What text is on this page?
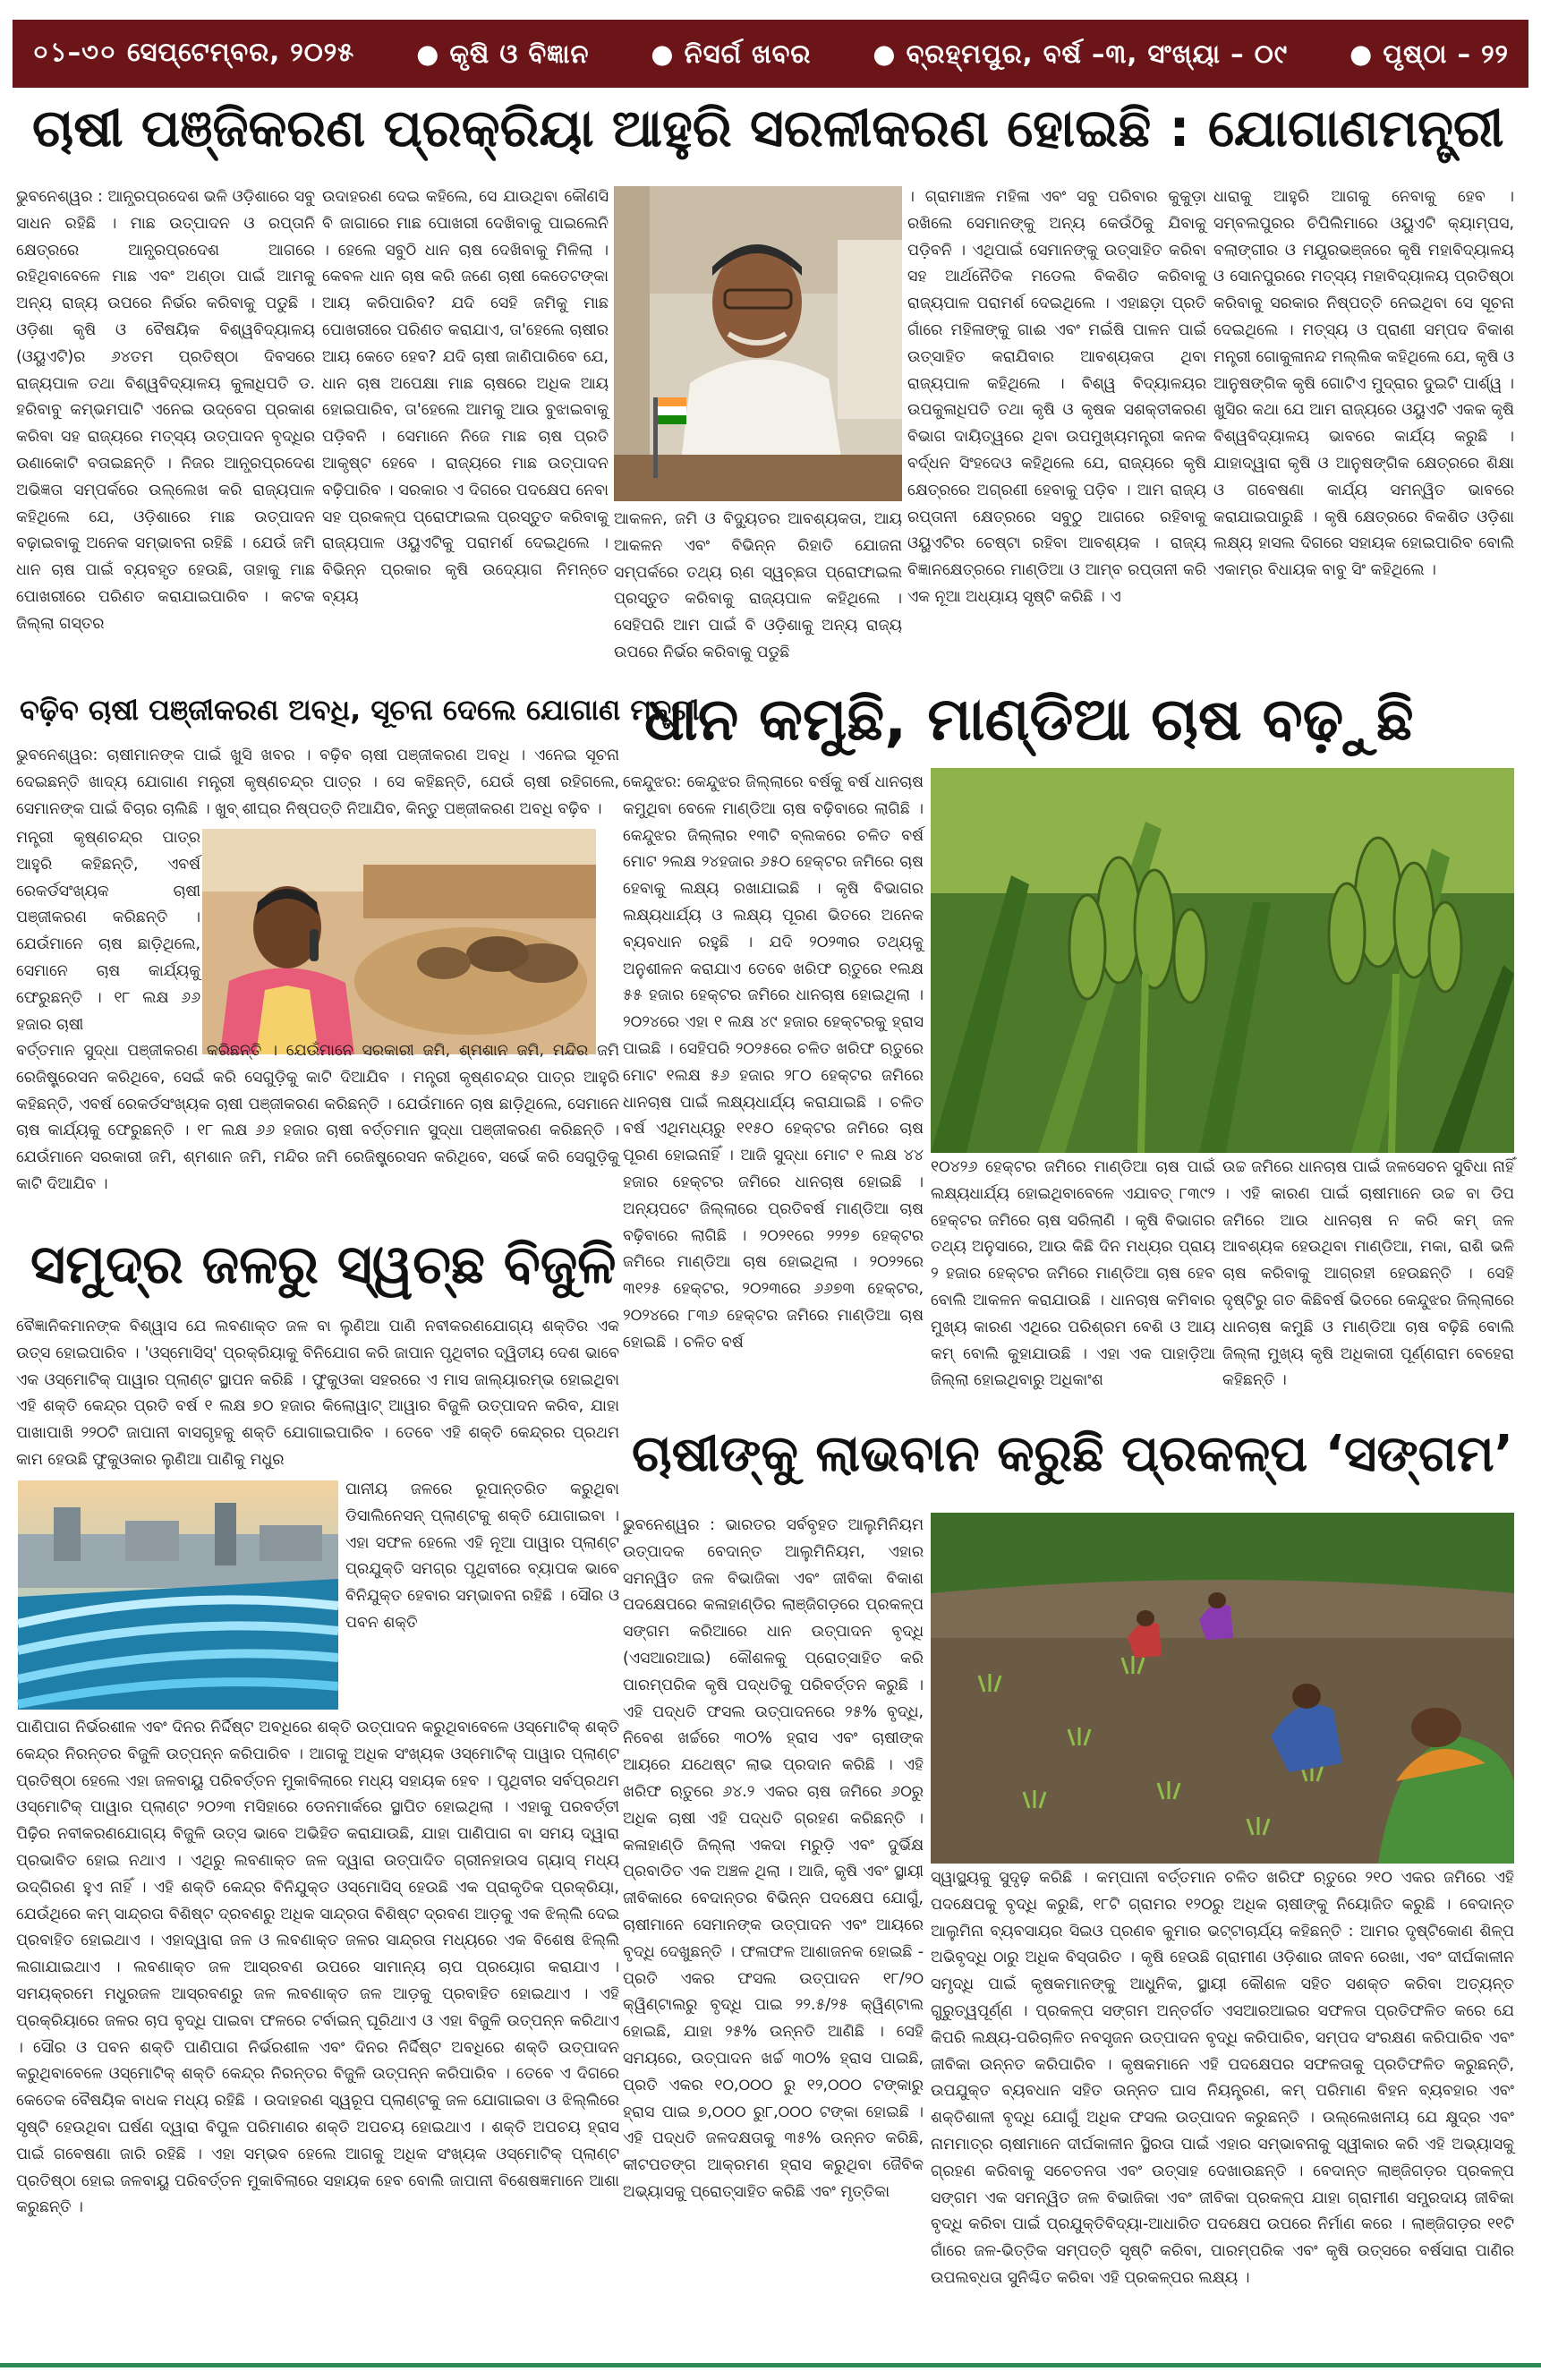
০১–৩০ ସେପ୍ଟେମ୍ବର, ୨୦୨୫ ● କୃଷି ଓ ବିଜ୍ଞାନ ● ନିସର୍ଗ ଖବର ● ବ୍ରହ୍ମପୁର, ବର୍ଷ –୩, ସଂଖ୍ୟା – ୦୯ ● ପୃଷ୍ଠା – ୨୨
ଚାଷୀ ପଞ୍ଜିକରଣ ପ୍ରକ୍ରିୟା ଆହୁରି ସରଳୀକରଣ ହୋଇଛି : ଯୋଗାଣମନ୍ତ୍ରୀ

ଭୁବନେଶ୍ୱର : ଆନ୍ଧ୍ରପ୍ରଦେଶ ଭଳି ଓଡ଼ିଶାରେ ସବୁ ସାଧନ ରହିଛି । ମାଛ ଉତ୍ପାଦନ ଓ ରପ୍ତାନି କ୍ଷେତ୍ରରେ ଆନ୍ଧ୍ରପ୍ରଦେଶ ଆଗରେ ରହିଥିବାବେଳେ ମାଛ ଏବଂ ଅଣ୍ଡା ପାଇଁ ଆମକୁ ଅନ୍ୟ ରାଜ୍ୟ ଉପରେ ନିର୍ଭର କରିବାକୁ ପଡୁଛି । ଓଡ଼ିଶା କୃଷି ଓ ବୈଷୟିକ ବିଶ୍ୱବିଦ୍ୟାଳୟ (ଓୟୁଏଟି)ର ୬୪ତମ ପ୍ରତିଷ୍ଠା ଦିବସରେ ରାଜ୍ୟପାଳ ତଥା ବିଶ୍ୱବିଦ୍ୟାଳୟ କୁଳାଧିପତି ଡ. ହରିବାବୁ କମ୍ଭମପାଟି ଏନେଇ ଉଦ୍ବେଗ ପ୍ରକାଶ କରିବା ସହ ରାଜ୍ୟରେ ମତ୍ସ୍ୟ ଉତ୍ପାଦନ ବୃଦ୍ଧିର ଉଣାକୋଟି ବତାଇଛନ୍ତି । ନିଜର ଆନ୍ଧ୍ରପ୍ରଦେଶ ଅଭିଜ୍ଞତା ସମ୍ପର୍କରେ ଉଲ୍ଲେଖ କରି ରାଜ୍ୟପାଳ କହିଥିଲେ ଯେ, ଓଡ଼ିଶାରେ ମାଛ ଉତ୍ପାଦନ ବଢ଼ାଇବାକୁ ଅନେକ ସମ୍ଭାବନା ରହିଛି । ଯେଉଁ ଜମି ଧାନ ଚାଷ ପାଇଁ ବ୍ୟବହୃତ ହେଉଛି, ତାହାକୁ ମାଛ ପୋଖରୀରେ ପରିଣତ କରାଯାଇପାରିବ । କଟକ ଜିଲ୍ଲା ଗସ୍ତର

ଉଦାହରଣ ଦେଇ କହିଲେ, ସେ ଯାଉଥିବା କୌଣସି ବି ଜାଗାରେ ମାଛ ପୋଖରୀ ଦେଖିବାକୁ ପାଇଲେନି । ହେଲେ ସବୁଠି ଧାନ ଚାଷ ଦେଖିବାକୁ ମିଳିଲା । କେବଳ ଧାନ ଚାଷ କରି ଜଣେ ଚାଷୀ କେତେଟଙ୍କା ଆୟ କରିପାରିବ? ଯଦି ସେହି ଜମିକୁ ମାଛ ପୋଖରୀରେ ପରିଣତ କରାଯାଏ, ତା'ହେଲେ ଚାଷୀର ଆୟ କେତେ ହେବ? ଯଦି ଚାଷୀ ଜାଣିପାରିବେ ଯେ, ଧାନ ଚାଷ ଅପେକ୍ଷା ମାଛ ଚାଷରେ ଅଧିକ ଆୟ ହୋଇପାରିବ, ତା'ହେଲେ ଆମକୁ ଆଉ ବୁଝାଇବାକୁ ପଡ଼ିବନି । ସେମାନେ ନିଜେ ମାଛ ଚାଷ ପ୍ରତି ଆକୃଷ୍ଟ ହେବେ । ରାଜ୍ୟରେ ମାଛ ଉତ୍ପାଦନ ବଢ଼ିପାରିବ । ସରକାର ଏ ଦିଗରେ ପଦକ୍ଷେପ ନେବା ସହ ପ୍ରକଳ୍ପ ପ୍ରୋଫାଇଲ ପ୍ରସ୍ତୁତ କରିବାକୁ ରାଜ୍ୟପାଳ ଓୟୁଏଟିକୁ ପରାମର୍ଶ ଦେଇଥିଲେ । ବିଭିନ୍ନ ପ୍ରକାର କୃଷି ଉଦ୍ୟୋଗ ନିମନ୍ତେ ବ୍ୟୟ

ଆକଳନ, ଜମି ଓ ବିଦ୍ୟୁତର ଆବଶ୍ୟକତା, ଆୟ ଆକଳନ ଏବଂ ବିଭିନ୍ନ ରିହାତି ଯୋଜନା ସମ୍ପର୍କରେ ତଥ୍ୟ ଋଣ ସ୍ୱଚ୍ଛତା ପ୍ରୋଫାଇଲ ପ୍ରସ୍ତୁତ କରିବାକୁ ରାଜ୍ୟପାଳ କହିଥିଲେ । ସେହିପରି ଆମ ପାଇଁ ବି ଓଡ଼ିଶାକୁ ଅନ୍ୟ ରାଜ୍ୟ ଉପରେ ନିର୍ଭର କରିବାକୁ ପଡୁଛି

। ଗ୍ରାମାଞ୍ଚଳ ମହିଳା ଏବଂ ସବୁ ପରିବାର କୁକୁଡ଼ା ରଖିଲେ ସେମାନଙ୍କୁ ଅନ୍ୟ କେଉଁଠିକୁ ଯିବାକୁ ପଡ଼ିବନି । ଏଥିପାଇଁ ସେମାନଙ୍କୁ ଉତ୍ସାହିତ କରିବା ସହ ଆର୍ଥନୈତିକ ମଡେଲ ବିକଶିତ କରିବାକୁ ରାଜ୍ୟପାଳ ପରାମର୍ଶ ଦେଇଥିଲେ । ଏହାଛଡ଼ା ପ୍ରତି ଗାଁରେ ମହିଳାଙ୍କୁ ଗାଈ ଏବଂ ମଇଁଷି ପାଳନ ପାଇଁ ଉତ୍ସାହିତ କରାଯିବାର ଆବଶ୍ୟକତା ଥିବା ରାଜ୍ୟପାଳ କହିଥିଲେ । ବିଶ୍ୱ ବିଦ୍ୟାଳୟର ଉପକୁଳାଧିପତି ତଥା କୃଷି ଓ କୃଷକ ସଶକ୍ତୀକରଣ ବିଭାଗ ଦାୟିତ୍ୱରେ ଥିବା ଉପମୁଖ୍ୟମନ୍ତ୍ରୀ କନକ ବର୍ଦ୍ଧନ ସିଂହଦେଓ କହିଥିଲେ ଯେ, ରାଜ୍ୟରେ କୃଷି କ୍ଷେତ୍ରରେ ଅଗ୍ରଣୀ ହେବାକୁ ପଡ଼ିବ । ଆମ ରାଜ୍ୟ ରପ୍ତାନୀ କ୍ଷେତ୍ରରେ ସବୁଠୁ ଆଗରେ ରହିବାକୁ ଓୟୁଏଟିର ଚେଷ୍ଟା ରହିବା ଆବଶ୍ୟକ । ରାଜ୍ୟ ବିଜ୍ଞାନକ୍ଷେତ୍ରରେ ମାଣ୍ଡିଆ ଓ ଆମ୍ବ ରପ୍ତାନୀ କରି ଏକ ନୂଆ ଅଧ୍ୟାୟ ସୃଷ୍ଟି କରିଛି । ଏ

ଧାରାକୁ ଆହୁରି ଆଗକୁ ନେବାକୁ ହେବ । ସମ୍ବଲପୁରର ଚିପିଲିମାରେ ଓୟୁଏଟି କ୍ୟାମ୍ପସ, ବଲାଙ୍ଗୀର ଓ ମୟୂରଭଞ୍ଜରେ କୃଷି ମହାବିଦ୍ୟାଳୟ ଓ ସୋନପୁରରେ ମତ୍ସ୍ୟ ମହାବିଦ୍ୟାଳୟ ପ୍ରତିଷ୍ଠା କରିବାକୁ ସରକାର ନିଷ୍ପତ୍ତି ନେଇଥିବା ସେ ସୂଚନା ଦେଇଥିଲେ । ମତ୍ସ୍ୟ ଓ ପ୍ରାଣୀ ସମ୍ପଦ ବିକାଶ ମନ୍ତ୍ରୀ ଗୋକୁଳାନନ୍ଦ ମଲ୍ଲିକ କହିଥିଲେ ଯେ, କୃଷି ଓ ଆନୁଷଙ୍ଗିକ କୃଷି ଗୋଟିଏ ମୁଦ୍ରାର ଦୁଇଟି ପାର୍ଶ୍ୱ । ଖୁସିର କଥା ଯେ ଆମ ରାଜ୍ୟରେ ଓୟୁଏଟି ଏକକ କୃଷି ବିଶ୍ୱବିଦ୍ୟାଳୟ ଭାବରେ କାର୍ଯ୍ୟ କରୁଛି । ଯାହାଦ୍ୱାରା କୃଷି ଓ ଆନୁଷଙ୍ଗିକ କ୍ଷେତ୍ରରେ ଶିକ୍ଷା ଓ ଗବେଷଣା କାର୍ଯ୍ୟ ସମନ୍ୱିତ ଭାବରେ କରାଯାଇପାରୁଛି । କୃଷି କ୍ଷେତ୍ରରେ ବିକଶିତ ଓଡ଼ିଶା ଲକ୍ଷ୍ୟ ହାସଲ ଦିଗରେ ସହାୟକ ହୋଇପାରିବ ବୋଲି ଏକାମ୍ର ବିଧାୟକ ବାବୁ ସିଂ କହିଥିଲେ ।

ବଢ଼ିବ ଚାଷୀ ପଞ୍ଜୀକରଣ ଅବଧି, ସୂଚନା ଦେଲେ ଯୋଗାଣ ମନ୍ତ୍ରୀ

ଭୁବନେଶ୍ୱର: ଚାଷୀମାନଙ୍କ ପାଇଁ ଖୁସି ଖବର । ବଢ଼ିବ ଚାଷୀ ପଞ୍ଜୀକରଣ ଅବଧି । ଏନେଇ ସୂଚନା ଦେଇଛନ୍ତି ଖାଦ୍ୟ ଯୋଗାଣ ମନ୍ତ୍ରୀ କୃଷ୍ଣଚନ୍ଦ୍ର ପାତ୍ର । ସେ କହିଛନ୍ତି, ଯେଉଁ ଚାଷୀ ରହିଗଲେ, ସେମାନଙ୍କ ପାଇଁ ବିଚାର ଚାଲିଛି । ଖୁବ୍ ଶୀଘ୍ର ନିଷ୍ପତ୍ତି ନିଆଯିବ, କିନ୍ତୁ ପଞ୍ଜୀକରଣ ଅବଧି ବଢ଼ିବ ।

ମନ୍ତ୍ରୀ କୃଷ୍ଣଚନ୍ଦ୍ର ପାତ୍ର ଆହୁରି କହିଛନ୍ତି, ଏବର୍ଷ ରେକର୍ଡସଂଖ୍ୟକ ଚାଷୀ ପଞ୍ଜୀକରଣ କରିଛନ୍ତି । ଯେଉଁମାନେ ଚାଷ ଛାଡ଼ିଥିଲେ, ସେମାନେ ଚାଷ କାର୍ଯ୍ୟକୁ ଫେରୁଛନ୍ତି । ୧୮ ଲକ୍ଷ ୬୬ ହଜାର ଚାଷୀ

ବର୍ତ୍ତମାନ ସୁଦ୍ଧା ପଞ୍ଜୀକରଣ କରିଛନ୍ତି । ଯେଉଁମାନେ ସରକାରୀ ଜମି, ଶ୍ମଶାନ ଜମି, ମନ୍ଦିର ଜମି ରେଜିଷ୍ଟ୍ରେସନ କରିଥିବେ, ସେଇଁ କରି ସେଗୁଡ଼ିକୁ କାଟି ଦିଆଯିବ । ମନ୍ତ୍ରୀ କୃଷ୍ଣଚନ୍ଦ୍ର ପାତ୍ର ଆହୁରି କହିଛନ୍ତି, ଏବର୍ଷ ରେକର୍ଡସଂଖ୍ୟକ ଚାଷୀ ପଞ୍ଜୀକରଣ କରିଛନ୍ତି । ଯେଉଁମାନେ ଚାଷ ଛାଡ଼ିଥିଲେ, ସେମାନେ ଚାଷ କାର୍ଯ୍ୟକୁ ଫେରୁଛନ୍ତି । ୧୮ ଲକ୍ଷ ୬୬ ହଜାର ଚାଷୀ ବର୍ତ୍ତମାନ ସୁଦ୍ଧା ପଞ୍ଜୀକରଣ କରିଛନ୍ତି । ଯେଉଁମାନେ ସରକାରୀ ଜମି, ଶ୍ମଶାନ ଜମି, ମନ୍ଦିର ଜମି ରେଜିଷ୍ଟ୍ରେସନ କରିଥିବେ, ସର୍ଭେ କରି ସେଗୁଡ଼ିକୁ କାଟି ଦିଆଯିବ ।

ସମୁଦ୍ର ଜଳରୁ ସ୍ୱଚ୍ଛ ବିଜୁଳି

ବୈଜ୍ଞାନିକମାନଙ୍କ ବିଶ୍ୱାସ ଯେ ଲବଣାକ୍ତ ଜଳ ବା ଲୁଣିଆ ପାଣି ନବୀକରଣଯୋଗ୍ୟ ଶକ୍ତିର ଏକ ଉତ୍ସ ହୋଇପାରିବ । 'ଓସ୍ମୋସିସ୍' ପ୍ରକ୍ରିୟାକୁ ବିନିଯୋଗ କରି ଜାପାନ ପୃଥିବୀର ଦ୍ୱିତୀୟ ଦେଶ ଭାବେ ଏକ ଓସ୍ମୋଟିକ୍ ପାୱାର ପ୍ଲାଣ୍ଟ ସ୍ଥାପନ କରିଛି । ଫୁକୁଓକା ସହରରେ ଏ ମାସ ଜାଲ୍ୟାରମ୍ଭ ହୋଇଥିବା ଏହି ଶକ୍ତି କେନ୍ଦ୍ର ପ୍ରତି ବର୍ଷ ୧ ଲକ୍ଷ ୭୦ ହଜାର କିଲୋୱାଟ୍ ଆୱାର ବିଜୁଳି ଉତ୍ପାଦନ କରିବ, ଯାହା ପାଖାପାଖି ୨୨୦ଟି ଜାପାନୀ ବାସଗୃହକୁ ଶକ୍ତି ଯୋଗାଇପାରିବ । ତେବେ ଏହି ଶକ୍ତି କେନ୍ଦ୍ରର ପ୍ରଥମ କାମ ହେଉଛି ଫୁକୁଓକାର ଲୁଣିଆ ପାଣିକୁ ମଧୁର

ପାନୀୟ ଜଳରେ ରୂପାନ୍ତରିତ କରୁଥିବା ଡିସାଲିନେସନ୍ ପ୍ଲାଣ୍ଟକୁ ଶକ୍ତି ଯୋଗାଇବା । ଏହା ସଫଳ ହେଲେ ଏହି ନୂଆ ପାୱାର ପ୍ଲାଣ୍ଟ ପ୍ରଯୁକ୍ତି ସମଗ୍ର ପୃଥିବୀରେ ବ୍ୟାପକ ଭାବେ ବିନିଯୁକ୍ତ ହେବାର ସମ୍ଭାବନା ରହିଛି । ସୌର ଓ ପବନ ଶକ୍ତି

ପାଣିପାଗ ନିର୍ଭରଶୀଳ ଏବଂ ଦିନର ନିର୍ଦ୍ଦିଷ୍ଟ ଅବଧିରେ ଶକ୍ତି ଉତ୍ପାଦନ କରୁଥିବାବେଳେ ଓସ୍ମୋଟିକ୍ ଶକ୍ତି କେନ୍ଦ୍ର ନିରନ୍ତର ବିଜୁଳି ଉତ୍ପନ୍ନ କରିପାରିବ । ଆଗକୁ ଅଧିକ ସଂଖ୍ୟକ ଓସ୍ମୋଟିକ୍ ପାୱାର ପ୍ଲାଣ୍ଟ ପ୍ରତିଷ୍ଠା ହେଲେ ଏହା ଜଳବାୟୁ ପରିବର୍ତ୍ତନ ମୁକାବିଲାରେ ମଧ୍ୟ ସହାୟକ ହେବ । ପୃଥିବୀର ସର୍ବପ୍ରଥମ ଓସ୍ମୋଟିକ୍ ପାୱାର ପ୍ଲାଣ୍ଟ ୨୦୨୩ ମସିହାରେ ଡେନମାର୍କରେ ସ୍ଥାପିତ ହୋଇଥିଲା । ଏହାକୁ ପରବର୍ତ୍ତୀ ପିଢ଼ିର ନବୀକରଣଯୋଗ୍ୟ ବିଜୁଳି ଉତ୍ସ ଭାବେ ଅଭିହିତ କରାଯାଉଛି, ଯାହା ପାଣିପାଗ ବା ସମୟ ଦ୍ୱାରା ପ୍ରଭାବିତ ହୋଇ ନଥାଏ । ଏଥିରୁ ଲବଣାକ୍ତ ଜଳ ଦ୍ୱାରା ଉତ୍ପାଦିତ ଗ୍ରୀନହାଉସ ଗ୍ୟାସ୍ ମଧ୍ୟ ଉଦ୍‌ଗିରଣ ହୁଏ ନାହିଁ । ଏହି ଶକ୍ତି କେନ୍ଦ୍ର ବିନିଯୁକ୍ତ ଓସ୍ମୋସିସ୍ ହେଉଛି ଏକ ପ୍ରାକୃତିକ ପ୍ରକ୍ରିୟା, ଯେଉଁଥିରେ କମ୍ ସାନ୍ଦ୍ରତା ବିଶିଷ୍ଟ ଦ୍ରବଣରୁ ଅଧିକ ସାନ୍ଦ୍ରତା ବିଶିଷ୍ଟ ଦ୍ରବଣ ଆଡ଼କୁ ଏକ ଝିଲ୍ଲି ଦେଇ ପ୍ରବାହିତ ହୋଇଥାଏ । ଏହାଦ୍ୱାରା ଜଳ ଓ ଲବଣାକ୍ତ ଜଳର ସାନ୍ଦ୍ରତା ମଧ୍ୟରେ ଏକ ବିଶେଷ ଝିଲ୍ଲି ଲଗାଯାଇଥାଏ । ଲବଣାକ୍ତ ଜଳ ଆସ୍ରବଣ ଉପରେ ସାମାନ୍ୟ ଚାପ ପ୍ରୟୋଗ କରାଯାଏ । ସମୟକ୍ରମେ ମଧୁରଜଳ ଆସ୍ରବଣରୁ ଜଳ ଲବଣାକ୍ତ ଜଳ ଆଡ଼କୁ ପ୍ରବାହିତ ହୋଇଥାଏ । ଏହି ପ୍ରକ୍ରିୟାରେ ଜଳର ଚାପ ବୃଦ୍ଧି ପାଇବା ଫଳରେ ଟର୍ବାଇନ୍ ଘୂରିଥାଏ ଓ ଏହା ବିଜୁଳି ଉତ୍ପନ୍ନ କରିଥାଏ । ସୌର ଓ ପବନ ଶକ୍ତି ପାଣିପାଗ ନିର୍ଭରଶୀଳ ଏବଂ ଦିନର ନିର୍ଦ୍ଦିଷ୍ଟ ଅବଧିରେ ଶକ୍ତି ଉତ୍ପାଦନ କରୁଥିବାବେଳେ ଓସ୍ମୋଟିକ୍ ଶକ୍ତି କେନ୍ଦ୍ର ନିରନ୍ତର ବିଜୁଳି ଉତ୍ପନ୍ନ କରିପାରିବ । ତେବେ ଏ ଦିଗରେ କେତେକ ବୈଷୟିକ ବାଧକ ମଧ୍ୟ ରହିଛି । ଉଦାହରଣ ସ୍ୱରୂପ ପ୍ଲାଣ୍ଟକୁ ଜଳ ଯୋଗାଇବା ଓ ଝିଲ୍ଲିରେ ସୃଷ୍ଟି ହେଉଥିବା ଘର୍ଷଣ ଦ୍ୱାରା ବିପୁଳ ପରିମାଣର ଶକ୍ତି ଅପଚୟ ହୋଇଥାଏ । ଶକ୍ତି ଅପଚୟ ହ୍ରାସ ପାଇଁ ଗବେଷଣା ଜାରି ରହିଛି । ଏହା ସମ୍ଭବ ହେଲେ ଆଗକୁ ଅଧିକ ସଂଖ୍ୟକ ଓସ୍ମୋଟିକ୍ ପ୍ଲାଣ୍ଟ ପ୍ରତିଷ୍ଠା ହୋଇ ଜଳବାୟୁ ପରିବର୍ତ୍ତନ ମୁକାବିଲାରେ ସହାୟକ ହେବ ବୋଲି ଜାପାନୀ ବିଶେଷଜ୍ଞମାନେ ଆଶା କରୁଛନ୍ତି ।

ଧାନ କମୁଛି, ମାଣ୍ଡିଆ ଚାଷ ବଢ଼ୁଛି

କେନ୍ଦୁଝର: କେନ୍ଦୁଝର ଜିଲ୍ଲାରେ ବର୍ଷକୁ ବର୍ଷ ଧାନଚାଷ କମୁଥିବା ବେଳେ ମାଣ୍ଡିଆ ଚାଷ ବଢ଼ିବାରେ ଲାଗିଛି । କେନ୍ଦୁଝର ଜିଲ୍ଲାର ୧୩ଟି ବ୍ଲକରେ ଚଳିତ ବର୍ଷ ମୋଟ ୨ଲକ୍ଷ ୨୪ହଜାର ୬୫୦ ହେକ୍ଟର ଜମିରେ ଚାଷ ହେବାକୁ ଲକ୍ଷ୍ୟ ରଖାଯାଇଛି । କୃଷି ବିଭାଗର ଲକ୍ଷ୍ୟଧାର୍ଯ୍ୟ ଓ ଲକ୍ଷ୍ୟ ପୂରଣ ଭିତରେ ଅନେକ ବ୍ୟବଧାନ ରହୁଛି । ଯଦି ୨୦୨୩ର ତଥ୍ୟକୁ ଅନୁଶୀଳନ କରାଯାଏ ତେବେ ଖରିଫ ଋତୁରେ ୧ଲକ୍ଷ ୫୫ ହଜାର ହେକ୍ଟର ଜମିରେ ଧାନଚାଷ ହୋଇଥିଲା । ୨୦୨୪ରେ ଏହା ୧ ଲକ୍ଷ ୪୯ ହଜାର ହେକ୍ଟରକୁ ହ୍ରାସ ପାଇଛି । ସେହିପରି ୨୦୨୫ରେ ଚଳିତ ଖରିଫ ଋତୁରେ ମୋଟ ୧ଲକ୍ଷ ୫୬ ହଜାର ୨୮୦ ହେକ୍ଟର ଜମିରେ ଧାନଚାଷ ପାଇଁ ଲକ୍ଷ୍ୟଧାର୍ଯ୍ୟ କରାଯାଇଛି । ଚଳିତ ବର୍ଷ ଏଥିମଧ୍ୟରୁ ୧୧୫୦ ହେକ୍ଟର ଜମିରେ ଚାଷ ପୂରଣ ହୋଇନାହିଁ । ଆଜି ସୁଦ୍ଧା ମୋଟ ୧ ଲକ୍ଷ ୪୪ ହଜାର ହେକ୍ଟର ଜମିରେ ଧାନଚାଷ ହୋଇଛି । ଅନ୍ୟପଟେ ଜିଲ୍ଲାରେ ପ୍ରତିବର୍ଷ ମାଣ୍ଡିଆ ଚାଷ ବଢ଼ିବାରେ ଲାଗିଛି । ୨୦୨୧ରେ ୨୨୨୭ ହେକ୍ଟର ଜମିରେ ମାଣ୍ଡିଆ ଚାଷ ହୋଇଥିଲା । ୨୦୨୨ରେ ୩୧୨୫ ହେକ୍ଟର, ୨୦୨୩ରେ ୬୬୭୩ ହେକ୍ଟର, ୨୦୨୪ରେ ୮୩୬ ହେକ୍ଟର ଜମିରେ ମାଣ୍ଡିଆ ଚାଷ ହୋଇଛି । ଚଳିତ ବର୍ଷ

୧୦୪୨୬ ହେକ୍ଟର ଜମିରେ ମାଣ୍ଡିଆ ଚାଷ ପାଇଁ ଲକ୍ଷ୍ୟଧାର୍ଯ୍ୟ ହୋଇଥିବାବେଳେ ଏଯାବତ୍ ୮୩୯୨ ହେକ୍ଟର ଜମିରେ ଚାଷ ସରିଲାଣି । କୃଷି ବିଭାଗର ତଥ୍ୟ ଅନୁସାରେ, ଆଉ କିଛି ଦିନ ମଧ୍ୟର ପ୍ରାୟ ୨ ହଜାର ହେକ୍ଟର ଜମିରେ ମାଣ୍ଡିଆ ଚାଷ ହେବ ବୋଲି ଆକଳନ କରାଯାଉଛି । ଧାନଚାଷ କମିବାର ମୁଖ୍ୟ କାରଣ ଏଥିରେ ପରିଶ୍ରମ ବେଶି ଓ ଆୟ କମ୍ ବୋଲି କୁହାଯାଉଛି । ଏହା ଏକ ପାହାଡ଼ିଆ ଜିଲ୍ଲା ହୋଇଥିବାରୁ ଅଧିକାଂଶ

ଉଚ୍ଚ ଜମିରେ ଧାନଚାଷ ପାଇଁ ଜଳସେଚନ ସୁବିଧା ନାହିଁ । ଏହି କାରଣ ପାଇଁ ଚାଷୀମାନେ ଉଚ୍ଚ ବା ଡିପ ଜମିରେ ଆଉ ଧାନଚାଷ ନ କରି କମ୍ ଜଳ ଆବଶ୍ୟକ ହେଉଥିବା ମାଣ୍ଡିଆ, ମକା, ରାଶି ଭଳି ଚାଷ କରିବାକୁ ଆଗ୍ରହୀ ହେଉଛନ୍ତି । ସେହି ଦୃଷ୍ଟିରୁ ଗତ କିଛିବର୍ଷ ଭିତରେ କେନ୍ଦୁଝର ଜିଲ୍ଲାରେ ଧାନଚାଷ କମୁଛି ଓ ମାଣ୍ଡିଆ ଚାଷ ବଢ଼ିଛି ବୋଲି ଜିଲ୍ଲା ମୁଖ୍ୟ କୃଷି ଅଧିକାରୀ ପୂର୍ଣ୍ଣରାମ ବେହେରା କହିଛନ୍ତି ।

ଚାଷୀଙ୍କୁ ଲାଭବାନ କରୁଛି ପ୍ରକଳ୍ପ ‘ସଙ୍ଗମ’

ଭୁବନେଶ୍ୱର : ଭାରତର ସର୍ବବୃହତ ଆଲୁମିନିୟମ ଉତ୍ପାଦକ ବେଦାନ୍ତ ଆଲୁମିନିୟମ, ଏହାର ସମନ୍ୱିତ ଜଳ ବିଭାଜିକା ଏବଂ ଜୀବିକା ବିକାଶ ପଦକ୍ଷେପରେ କଳାହାଣ୍ଡିର ଲାଞ୍ଜିଗଡ଼ରେ ପ୍ରକଳ୍ପ ସଙ୍ଗମ କରିଆରେ ଧାନ ଉତ୍ପାଦନ ବୃଦ୍ଧି (ଏସଆରଆଇ) କୌଶଳକୁ ପ୍ରୋତ୍ସାହିତ କରି ପାରମ୍ପରିକ କୃଷି ପଦ୍ଧତିକୁ ପରିବର୍ତ୍ତନ କରୁଛି । ଏହି ପଦ୍ଧତି ଫସଲ ଉତ୍ପାଦନରେ ୨୫% ବୃଦ୍ଧି, ନିବେଶ ଖର୍ଚ୍ଚରେ ୩୦% ହ୍ରାସ ଏବଂ ଚାଷୀଙ୍କ ଆୟରେ ଯଥେଷ୍ଟ ଲାଭ ପ୍ରଦାନ କରିଛି । ଏହି ଖରିଫ ଋତୁରେ ୬୪.୨ ଏକର ଚାଷ ଜମିରେ ୬୦ରୁ ଅଧିକ ଚାଷୀ ଏହି ପଦ୍ଧତି ଗ୍ରହଣ କରିଛନ୍ତି । କଳାହାଣ୍ଡି ଜିଲ୍ଲା ଏକଦା ମରୁଡ଼ି ଏବଂ ଦୁର୍ଭିକ୍ଷ ପ୍ରବାଡିତ ଏକ ଅଞ୍ଚଳ ଥିଲା । ଆଜି, କୃଷି ଏବଂ ସ୍ଥାୟୀ ଜୀବିକାରେ ବେଦାନ୍ତର ବିଭିନ୍ନ ପଦକ୍ଷେପ ଯୋଗୁଁ, ଚାଷୀମାନେ ସେମାନଙ୍କ ଉତ୍ପାଦନ ଏବଂ ଆୟରେ ବୃଦ୍ଧି ଦେଖୁଛନ୍ତି । ଫଳାଫଳ ଆଶାଜନକ ହୋଇଛି - ପ୍ରତି ଏକର ଫସଲ ଉତ୍ପାଦନ ୧୮/୨୦ କ୍ୱିଣ୍ଟାଲରୁ ବୃଦ୍ଧି ପାଇ ୨୨.୫/୨୫ କ୍ୱିଣ୍ଟାଲ ହୋଇଛି, ଯାହା ୨୫% ଉନ୍ନତି ଆଣିଛି । ସେହି ସମୟରେ, ଉତ୍ପାଦନ ଖର୍ଚ୍ଚ ୩୦% ହ୍ରାସ ପାଇଛି, ପ୍ରତି ଏକର ୧୦,୦୦୦ ରୁ ୧୨,୦୦୦ ଟଙ୍କାରୁ ହ୍ରାସ ପାଇ ୭,୦୦୦ ରୁ୮,୦୦୦ ଟଙ୍କା ହୋଇଛି । ଏହି ପଦ୍ଧତି ଜଳଦକ୍ଷତାକୁ ୩୫% ଉନ୍ନତ କରିଛି, କୀଟପତଙ୍ଗ ଆକ୍ରମଣ ହ୍ରାସ କରୁଥିବା ଜୈବିକ ଅଭ୍ୟାସକୁ ପ୍ରୋତ୍ସାହିତ କରିଛି ଏବଂ ମୃତ୍ତିକା

ସ୍ୱାସ୍ଥ୍ୟକୁ ସୁଦୃଢ଼ କରିଛି । କମ୍ପାନୀ ବର୍ତ୍ତମାନ ଚଳିତ ଖରିଫ ଋତୁରେ ୨୧୦ ଏକର ଜମିରେ ଏହି ପଦକ୍ଷେପକୁ ବୃଦ୍ଧି କରୁଛି, ୧୮ଟି ଗ୍ରାମର ୧୨୦ରୁ ଅଧିକ ଚାଷୀଙ୍କୁ ନିୟୋଜିତ କରୁଛି । ବେଦାନ୍ତ ଆଲୁମିନା ବ୍ୟବସାୟର ସିଇଓ ପ୍ରଣବ କୁମାର ଭଟ୍ଟାଚାର୍ଯ୍ୟ କହିଛନ୍ତି : ଆମର ଦୃଷ୍ଟିକୋଣ ଶିଳ୍ପ ଅଭିବୃଦ୍ଧି ଠାରୁ ଅଧିକ ବିସ୍ତାରିତ । କୃଷି ହେଉଛି ଗ୍ରାମୀଣ ଓଡ଼ିଶାର ଜୀବନ ରେଖା, ଏବଂ ଦୀର୍ଘକାଳୀନ ସମୃଦ୍ଧି ପାଇଁ କୃଷକମାନଙ୍କୁ ଆଧୁନିକ, ସ୍ଥାୟୀ କୌଶଳ ସହିତ ସଶକ୍ତ କରିବା ଅତ୍ୟନ୍ତ ଗୁରୁତ୍ୱପୂର୍ଣ୍ଣ । ପ୍ରକଳ୍ପ ସଙ୍ଗମ ଅନ୍ତର୍ଗତ ଏସଆରଆଇର ସଫଳତା ପ୍ରତିଫଳିତ କରେ ଯେ କିପରି ଲକ୍ଷ୍ୟ-ପରିଚାଳିତ ନବସୃଜନ ଉତ୍ପାଦନ ବୃଦ୍ଧି କରିପାରିବ, ସମ୍ପଦ ସଂରକ୍ଷଣ କରିପାରିବ ଏବଂ ଜୀବିକା ଉନ୍ନତ କରିପାରିବ । କୃଷକମାନେ ଏହି ପଦକ୍ଷେପର ସଫଳତାକୁ ପ୍ରତିଫଳିତ କରୁଛନ୍ତି, ଉପଯୁକ୍ତ ବ୍ୟବଧାନ ସହିତ ଉନ୍ନତ ଘାସ ନିୟନ୍ତ୍ରଣ, କମ୍ ପରିମାଣ ବିହନ ବ୍ୟବହାର ଏବଂ ଶକ୍ତିଶାଳୀ ବୃଦ୍ଧି ଯୋଗୁଁ ଅଧିକ ଫସଲ ଉତ୍ପାଦନ କରୁଛନ୍ତି । ଉଲ୍ଲେଖନୀୟ ଯେ କ୍ଷୁଦ୍ର ଏବଂ ନାମମାତ୍ର ଚାଷୀମାନେ ଦୀର୍ଘକାଳୀନ ସ୍ଥିରତା ପାଇଁ ଏହାର ସମ୍ଭାବନାକୁ ସ୍ୱୀକାର କରି ଏହି ଅଭ୍ୟାସକୁ ଗ୍ରହଣ କରିବାକୁ ସଚେତନତା ଏବଂ ଉତ୍ସାହ ଦେଖାଉଛନ୍ତି । ବେଦାନ୍ତ ଲାଞ୍ଜିଗଡ଼ର ପ୍ରକଳ୍ପ ସଙ୍ଗମ ଏକ ସମନ୍ୱିତ ଜଳ ବିଭାଜିକା ଏବଂ ଜୀବିକା ପ୍ରକଳ୍ପ ଯାହା ଗ୍ରାମୀଣ ସମ୍ପ୍ରଦାୟ ଜୀବିକା ବୃଦ୍ଧି କରିବା ପାଇଁ ପ୍ରଯୁକ୍ତିବିଦ୍ୟା-ଆଧାରିତ ପଦକ୍ଷେପ ଉପରେ ନିର୍ମାଣ କରେ । ଲାଞ୍ଜିଗଡ଼ର ୧୧ଟି ଗାଁରେ ଜଳ-ଭିତ୍ତିକ ସମ୍ପତ୍ତି ସୃଷ୍ଟି କରିବା, ପାରମ୍ପରିକ ଏବଂ କୃଷି ଉତ୍ସରେ ବର୍ଷସାରା ପାଣିର ଉପଲବ୍ଧତା ସୁନିଶ୍ଚିତ କରିବା ଏହି ପ୍ରକଳ୍ପର ଲକ୍ଷ୍ୟ ।
